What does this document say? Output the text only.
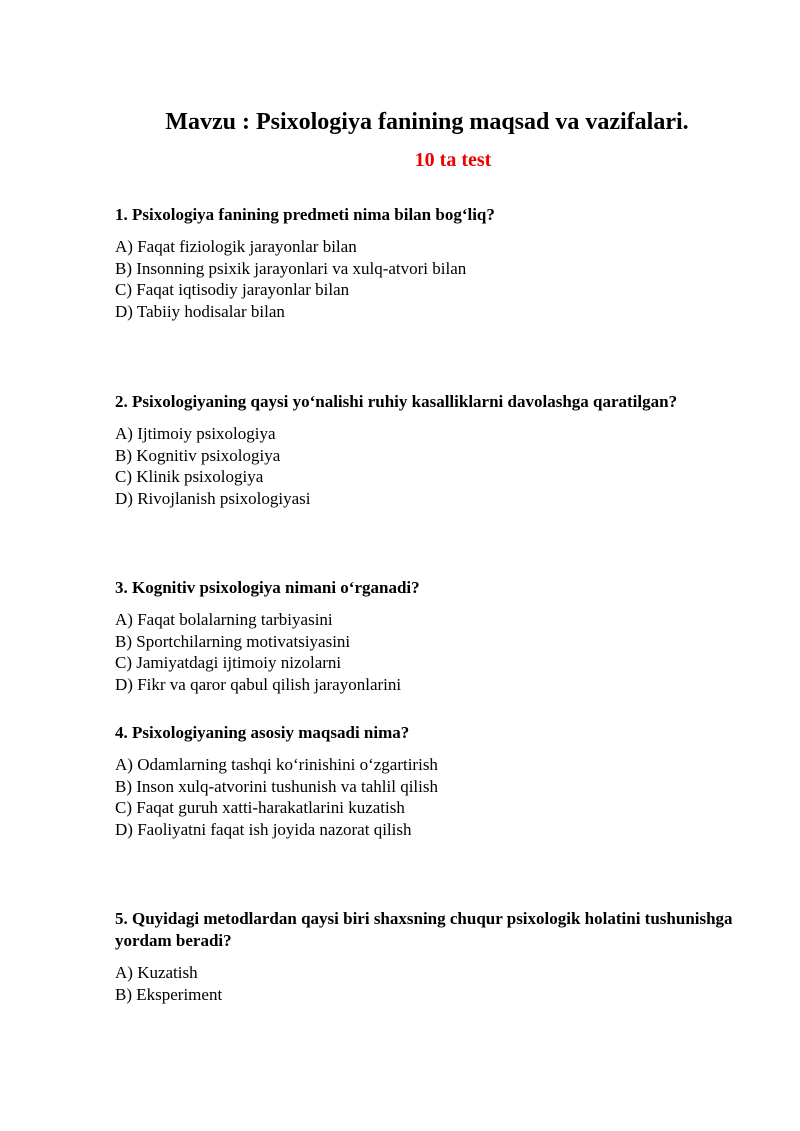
Mavzu : Psixologiya fanining maqsad va vazifalari.
10 ta test

1. Psixologiya fanining predmeti nima bilan bog‘liq?

A) Faqat fiziologik jarayonlar bilan

B) Insonning psixik jarayonlari va xulq-atvori bilan

C) Faqat iqtisodiy jarayonlar bilan

D) Tabiiy hodisalar bilan

2. Psixologiyaning qaysi yo‘nalishi ruhiy kasalliklarni davolashga qaratilgan?

A) Ijtimoiy psixologiya

B) Kognitiv psixologiya

C) Klinik psixologiya

D) Rivojlanish psixologiyasi

3. Kognitiv psixologiya nimani o‘rganadi?

A) Faqat bolalarning tarbiyasini

B) Sportchilarning motivatsiyasini

C) Jamiyatdagi ijtimoiy nizolarni

D) Fikr va qaror qabul qilish jarayonlarini

4. Psixologiyaning asosiy maqsadi nima?

A) Odamlarning tashqi ko‘rinishini o‘zgartirish

B) Inson xulq-atvorini tushunish va tahlil qilish

C) Faqat guruh xatti-harakatlarini kuzatish

D) Faoliyatni faqat ish joyida nazorat qilish

5. Quyidagi metodlardan qaysi biri shaxsning chuqur psixologik holatini tushunishga yordam beradi?

A) Kuzatish

B) Eksperiment
